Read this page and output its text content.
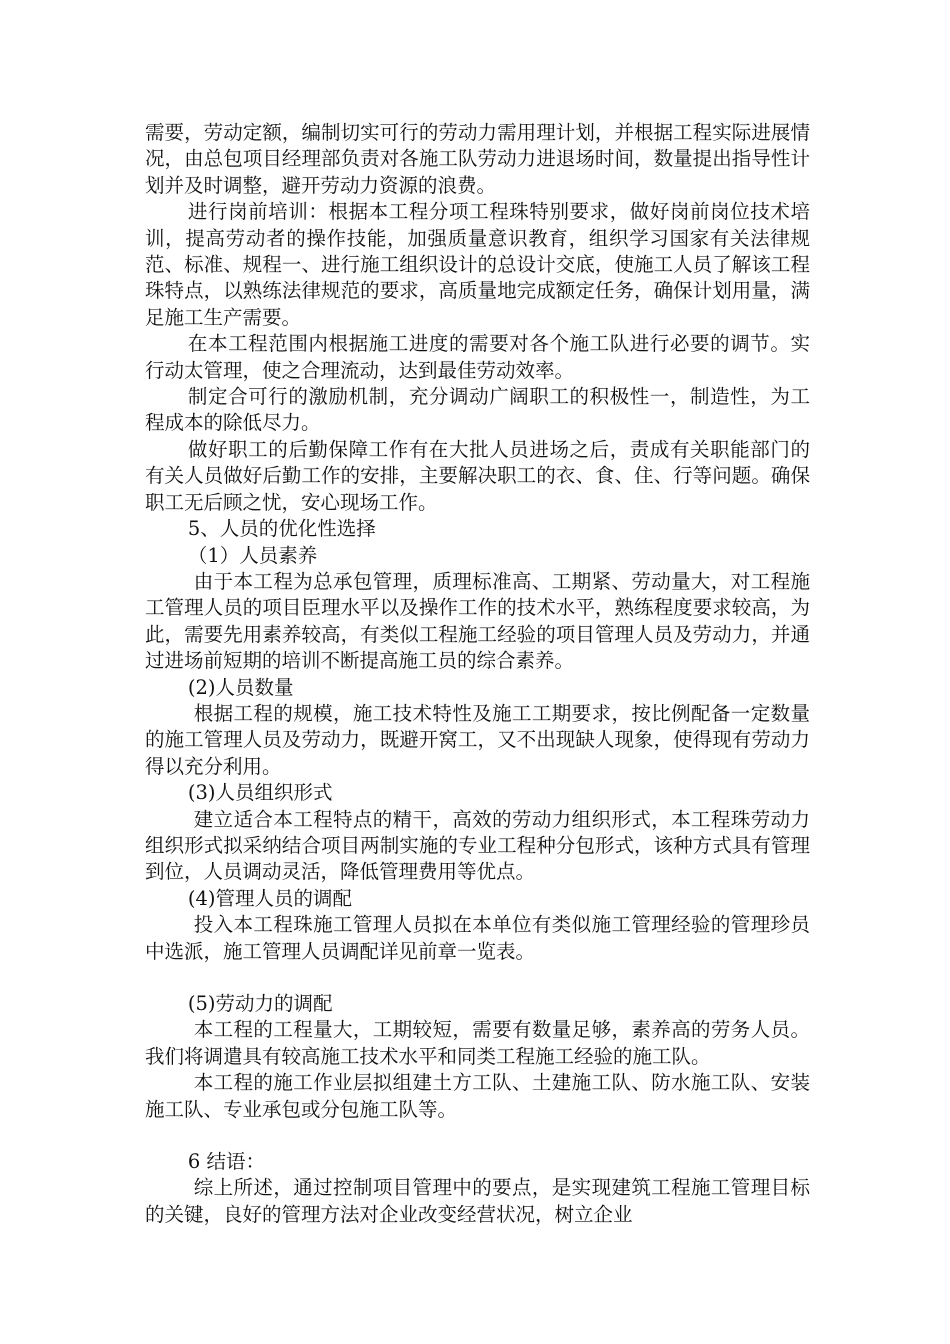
需要，劳动定额，编制切实可行的劳动力需用理计划，并根据工程实际进展情况，由总包项目经理部负责对各施工队劳动力进退场时间，数量提出指导性计划并及时调整，避开劳动力资源的浪费。

进行岗前培训：根据本工程分项工程珠特别要求，做好岗前岗位技术培训，提高劳动者的操作技能，加强质量意识教育，组织学习国家有关法律规范、标准、规程一、进行施工组织设计的总设计交底，使施工人员了解该工程珠特点，以熟练法律规范的要求，高质量地完成额定任务，确保计划用量，满足施工生产需要。

在本工程范围内根据施工进度的需要对各个施工队进行必要的调节。实行动太管理，使之合理流动，达到最佳劳动效率。

制定合可行的激励机制，充分调动广阔职工的积极性一，制造性，为工程成本的除低尽力。

做好职工的后勤保障工作有在大批人员进场之后，责成有关职能部门的有关人员做好后勤工作的安排，主要解决职工的衣、食、住、行等问题。确保职工无后顾之忧，安心现场工作。

5、人员的优化性选择

（1）人员素养

由于本工程为总承包管理，质理标准高、工期紧、劳动量大，对工程施工管理人员的项目臣理水平以及操作工作的技术水平，熟练程度要求较高，为此，需要先用素养较高，有类似工程施工经验的项目管理人员及劳动力，并通过进场前短期的培训不断提高施工员的综合素养。

(2)人员数量

根据工程的规模，施工技术特性及施工工期要求，按比例配备一定数量的施工管理人员及劳动力，既避开窝工，又不出现缺人现象，使得现有劳动力得以充分利用。

(3)人员组织形式

建立适合本工程特点的精干，高效的劳动力组织形式，本工程珠劳动力组织形式拟采纳结合项目两制实施的专业工程种分包形式，该种方式具有管理到位，人员调动灵活，降低管理费用等优点。

(4)管理人员的调配

投入本工程珠施工管理人员拟在本单位有类似施工管理经验的管理珍员中选派，施工管理人员调配详见前章一览表。

(5)劳动力的调配

本工程的工程量大，工期较短，需要有数量足够，素养高的劳务人员。我们将调遣具有较高施工技术水平和同类工程施工经验的施工队。

本工程的施工作业层拟组建土方工队、土建施工队、防水施工队、安装施工队、专业承包或分包施工队等。

6 结语：

综上所述，通过控制项目管理中的要点，是实现建筑工程施工管理目标的关键，良好的管理方法对企业改变经营状况，树立企业
